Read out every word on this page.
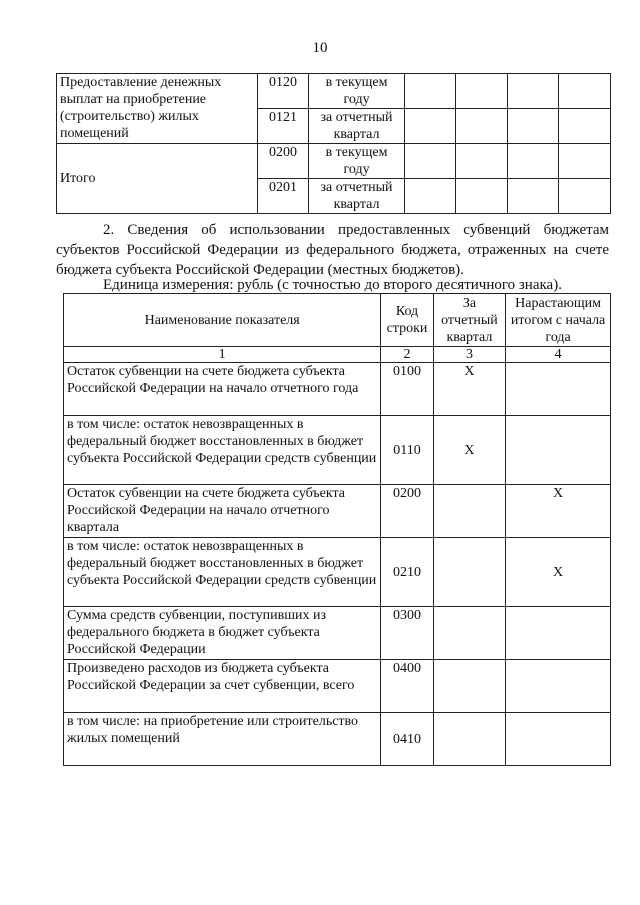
10
Предоставление денежных выплат на приобретение (строительство) жилых помещений	0120	в текущем году				
	0121	за отчетный квартал				
Итого	0200	в текущем году				
	0201	за отчетный квартал				
2. Сведения об использовании предоставленных субвенций бюджетам
субъектов Российской Федерации из федерального бюджета, отраженных на счете
бюджета субъекта Российской Федерации (местных бюджетов).
Единица измерения: рубль (с точностью до второго десятичного знака).
Наименование показателя	Код строки	За отчетный квартал	Нарастающим итогом с начала года
1	2	3	4
Остаток субвенции на счете бюджета субъекта Российской Федерации на начало отчетного года	0100	X	
в том числе: остаток невозвращенных в федеральный бюджет восстановленных в бюджет субъекта Российской Федерации средств субвенции	0110	X	
Остаток субвенции на счете бюджета субъекта Российской Федерации на начало отчетного квартала	0200		X
в том числе: остаток невозвращенных в федеральный бюджет восстановленных в бюджет субъекта Российской Федерации средств субвенции	0210		X
Сумма средств субвенции, поступивших из федерального бюджета в бюджет субъекта Российской Федерации	0300		
Произведено расходов из бюджета субъекта Российской Федерации за счет субвенции, всего	0400		
в том числе: на приобретение или строительство жилых помещений	0410		
